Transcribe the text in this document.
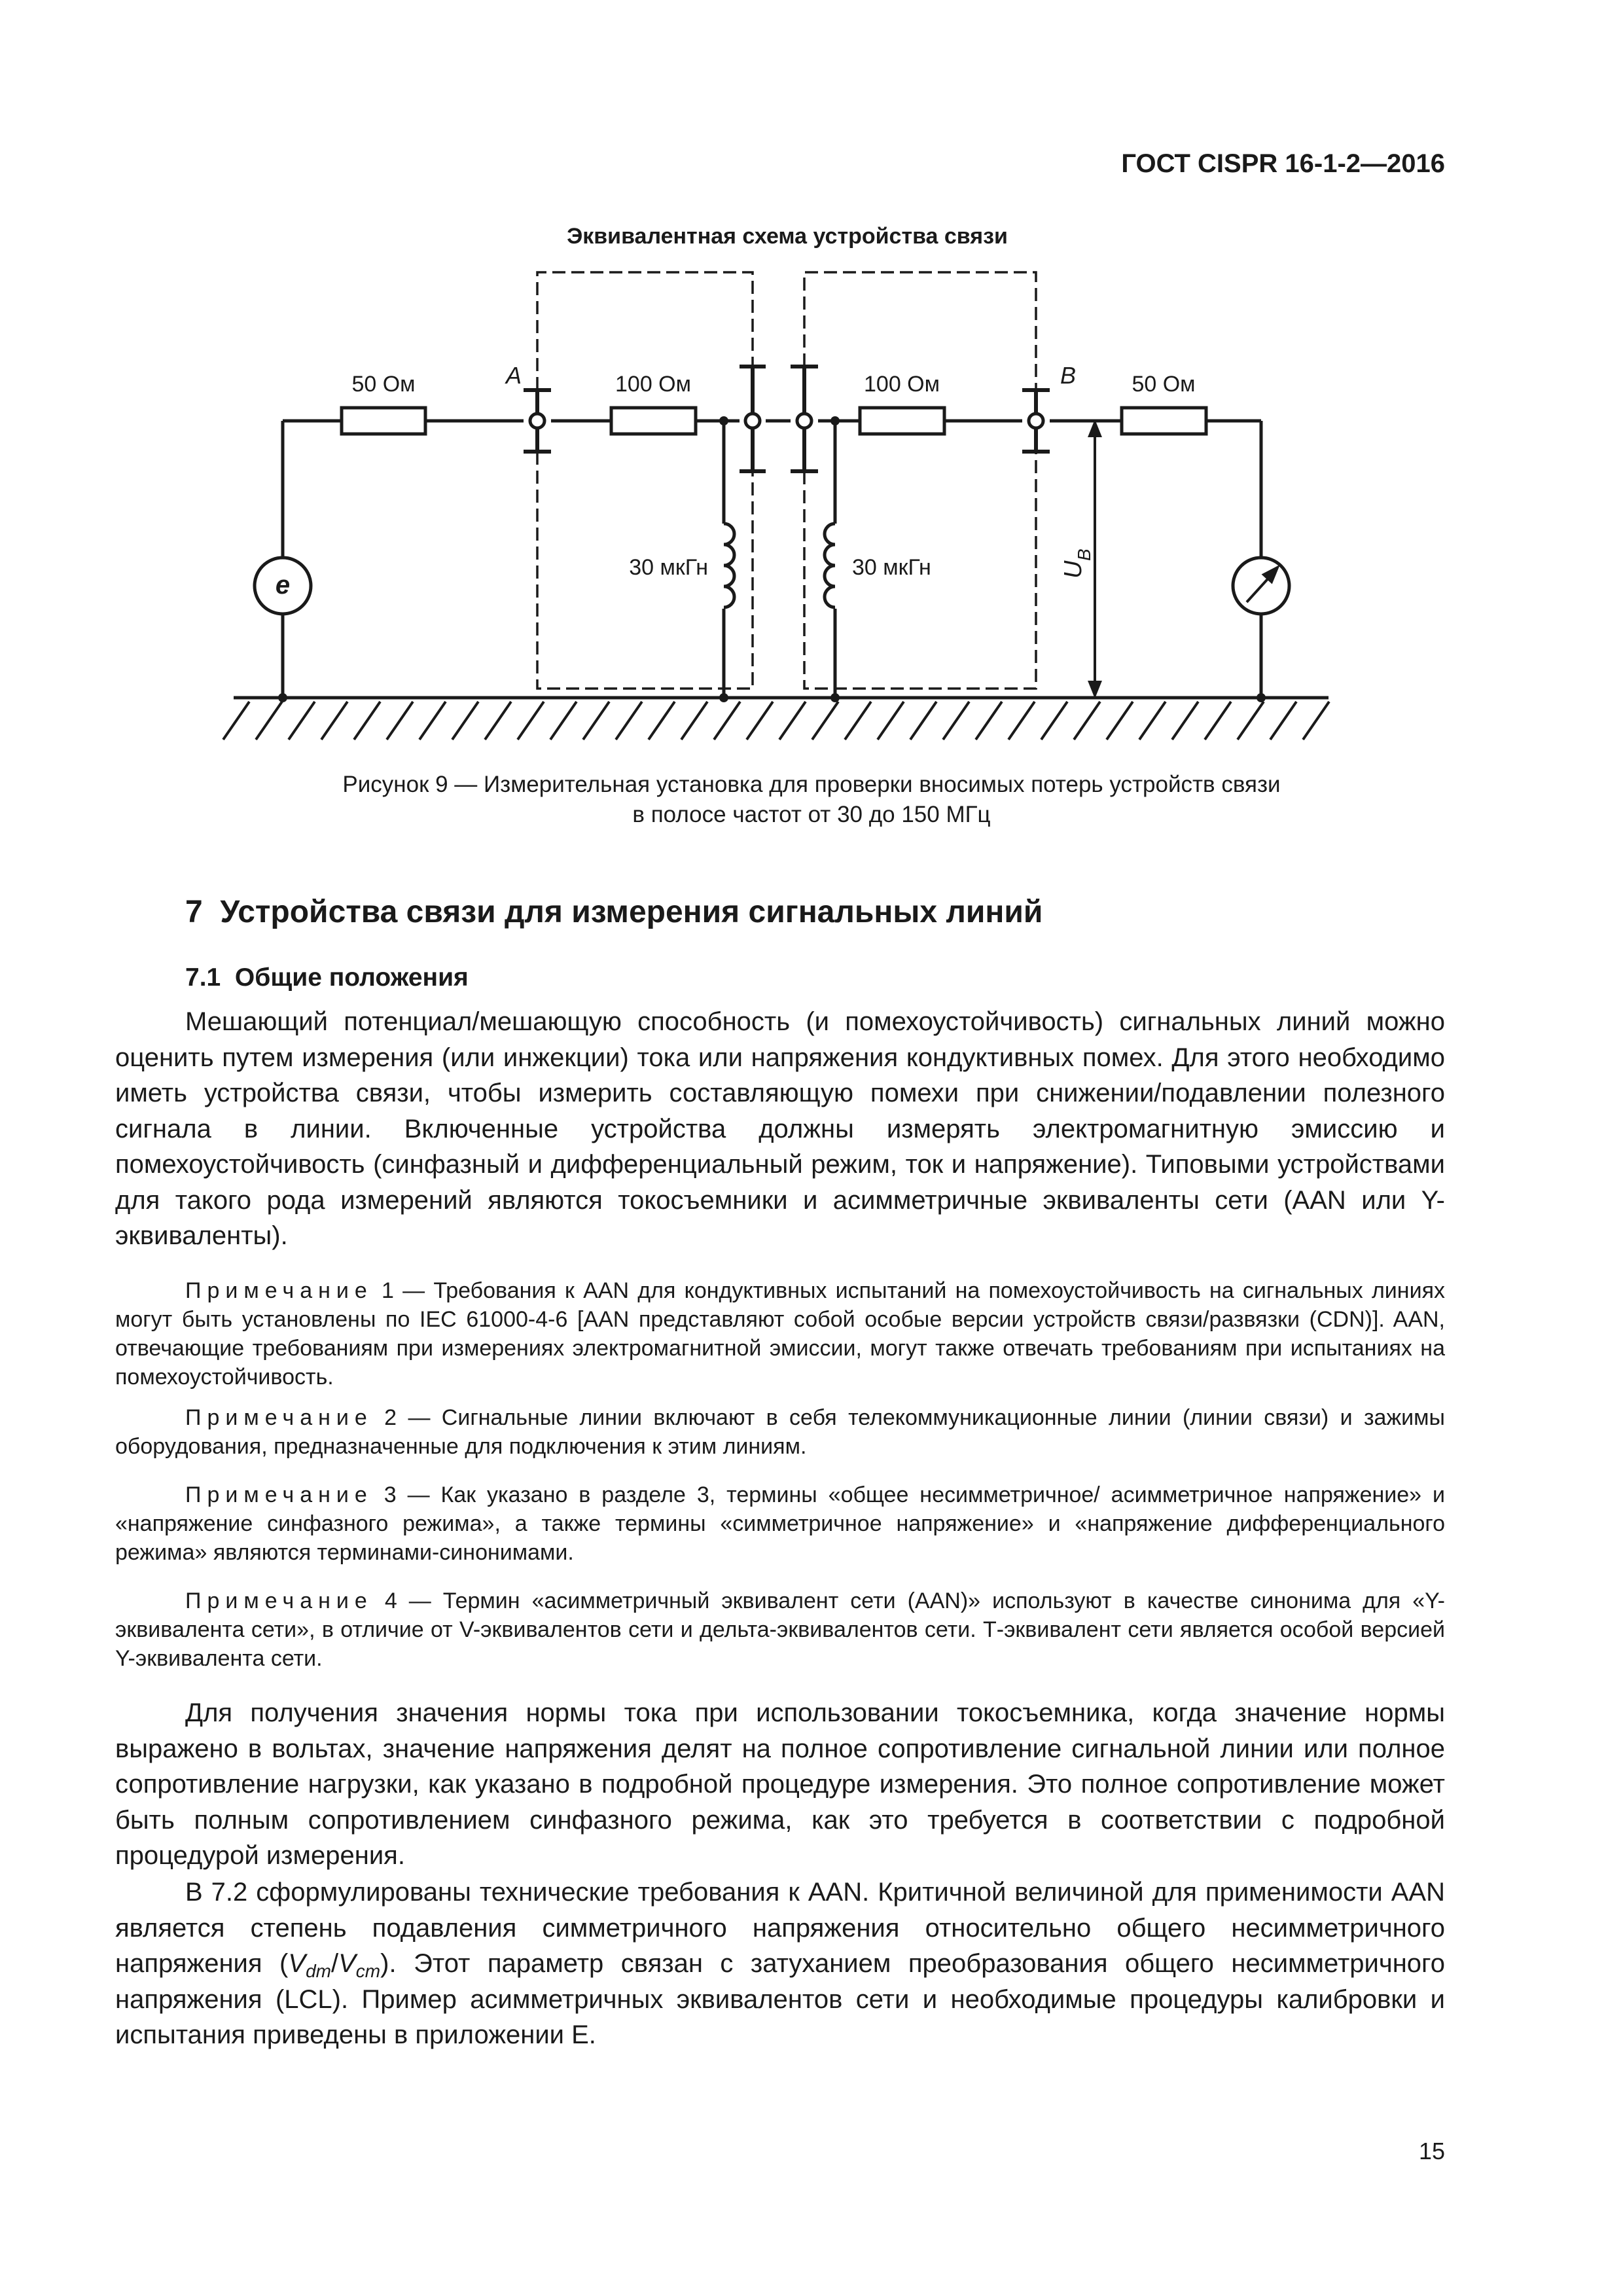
ГОСТ CISPR 16-1-2—2016
Эквивалентная схема устройства связи
50 Ом	100 Ом	100 Ом	50 Ом
А	B
30 мкГн	30 мкГн
e
U
B
Рисунок 9 — Измерительная установка для проверки вносимых потерь устройств связи
в полосе частот от 30 до 150 МГц
7 Устройства связи для измерения сигнальных линий
7.1 Общие положения
Мешающий потенциал/мешающую способность (и помехоустойчивость) сигнальных линий можно оценить путем измерения (или инжекции) тока или напряжения кондуктивных помех. Для этого необходимо иметь устройства связи, чтобы измерить составляющую помехи при снижении/подавлении полезного сигнала в линии. Включенные устройства должны измерять электромагнитную эмиссию и помехоустойчивость (синфазный и дифференциальный режим, ток и напряжение). Типовыми устройствами для такого рода измерений являются токосъемники и асимметричные эквиваленты сети (AAN или Y-эквиваленты).
Примечание 1 — Требования к AAN для кондуктивных испытаний на помехоустойчивость на сигнальных линиях могут быть установлены по IEC 61000-4-6 [AAN представляют собой особые версии устройств связи/развязки (CDN)]. AAN, отвечающие требованиям при измерениях электромагнитной эмиссии, могут также отвечать требованиям при испытаниях на помехоустойчивость.
Примечание 2 — Сигнальные линии включают в себя телекоммуникационные линии (линии связи) и зажимы оборудования, предназначенные для подключения к этим линиям.
Примечание 3 — Как указано в разделе 3, термины «общее несимметричное/ асимметричное напряжение» и «напряжение синфазного режима», а также термины «симметричное напряжение» и «напряжение дифференциального режима» являются терминами-синонимами.
Примечание 4 — Термин «асимметричный эквивалент сети (AAN)» используют в качестве синонима для «Y-эквивалента сети», в отличие от V-эквивалентов сети и дельта-эквивалентов сети. Т-эквивалент сети является особой версией Y-эквивалента сети.
Для получения значения нормы тока при использовании токосъемника, когда значение нормы выражено в вольтах, значение напряжения делят на полное сопротивление сигнальной линии или полное сопротивление нагрузки, как указано в подробной процедуре измерения. Это полное сопротивление может быть полным сопротивлением синфазного режима, как это требуется в соответствии с подробной процедурой измерения.
В 7.2 сформулированы технические требования к AAN. Критичной величиной для применимости AAN является степень подавления симметричного напряжения относительно общего несимметричного напряжения $(V_{dm}/V_{cm})$. Этот параметр связан с затуханием преобразования общего несимметричного напряжения (LCL). Пример асимметричных эквивалентов сети и необходимые процедуры калибровки и испытания приведены в приложении Е.
15
